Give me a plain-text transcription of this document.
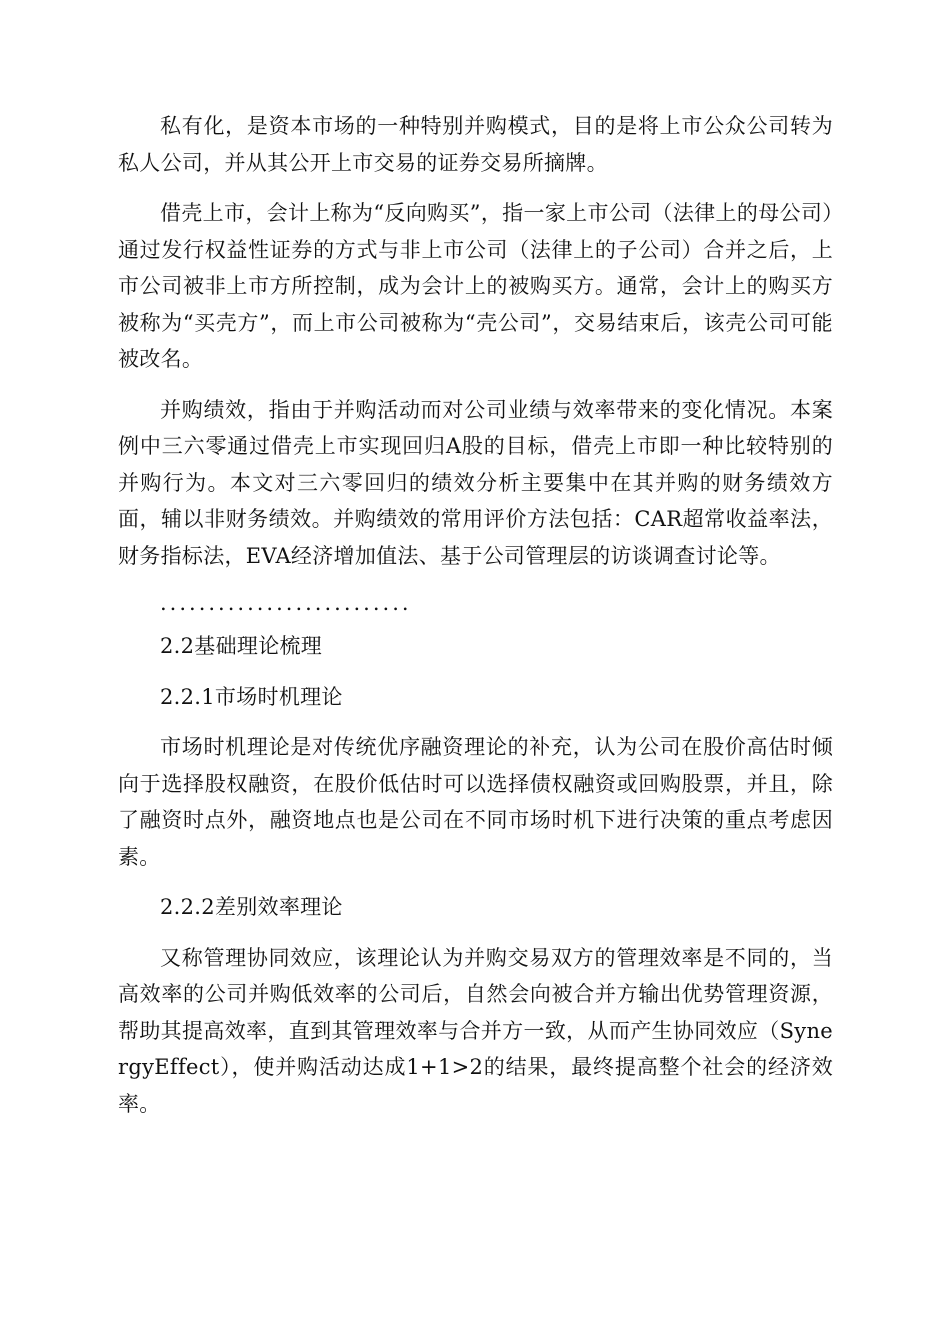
私有化，是资本市场的一种特别并购模式，目的是将上市公众公司转为私人公司，并从其公开上市交易的证券交易所摘牌。

借壳上市，会计上称为“反向购买”，指一家上市公司（法律上的母公司）通过发行权益性证券的方式与非上市公司（法律上的子公司）合并之后，上市公司被非上市方所控制，成为会计上的被购买方。通常，会计上的购买方被称为“买壳方”，而上市公司被称为“壳公司”，交易结束后，该壳公司可能被改名。

并购绩效，指由于并购活动而对公司业绩与效率带来的变化情况。本案例中三六零通过借壳上市实现回归A股的目标，借壳上市即一种比较特别的并购行为。本文对三六零回归的绩效分析主要集中在其并购的财务绩效方面，辅以非财务绩效。并购绩效的常用评价方法包括：CAR超常收益率法，财务指标法，EVA经济增加值法、基于公司管理层的访谈调查讨论等。

..........................

2.2基础理论梳理

2.2.1市场时机理论

市场时机理论是对传统优序融资理论的补充，认为公司在股价高估时倾向于选择股权融资，在股价低估时可以选择债权融资或回购股票，并且，除了融资时点外，融资地点也是公司在不同市场时机下进行决策的重点考虑因素。

2.2.2差别效率理论

又称管理协同效应，该理论认为并购交易双方的管理效率是不同的，当高效率的公司并购低效率的公司后，自然会向被合并方输出优势管理资源，帮助其提高效率，直到其管理效率与合并方一致，从而产生协同效应（SynergyEffect），使并购活动达成1+1>2的结果，最终提高整个社会的经济效率。
